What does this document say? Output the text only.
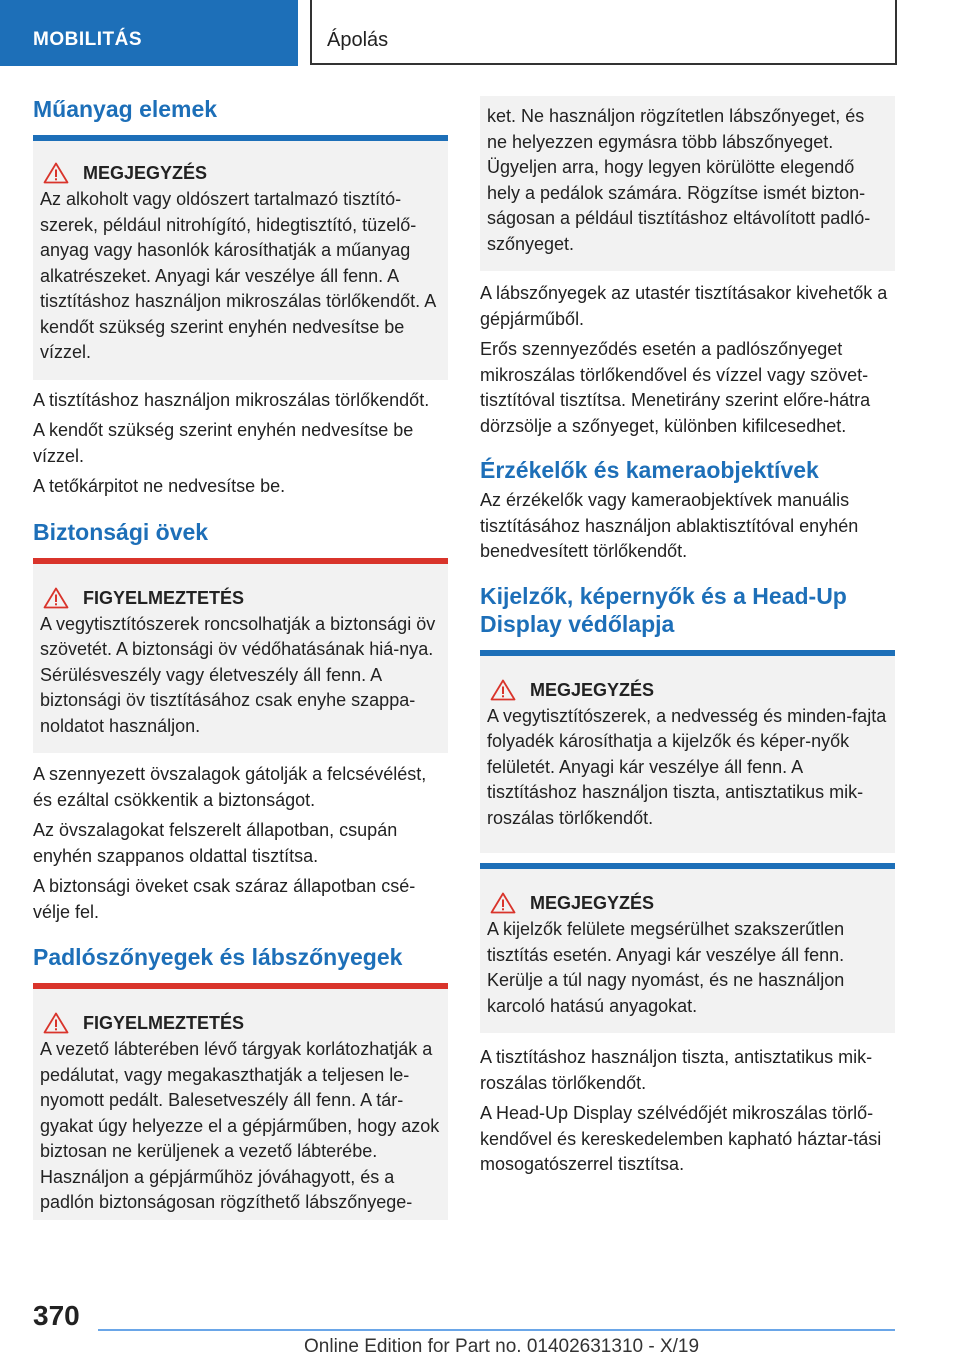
MOBILITÁS	Ápolás
Műanyag elemek
MEGJEGYZÉS

Az alkoholt vagy oldószert tartalmazó tisztító-szerek, például nitrohígító, hidegtisztító, tüzelő-anyag vagy hasonlók károsíthatják a műanyag alkatrészeket. Anyagi kár veszélye áll fenn. A tisztításhoz használjon mikroszálas törlőkendőt. A kendőt szükség szerint enyhén nedvesítse be vízzel.

A tisztításhoz használjon mikroszálas törlőkendőt.

A kendőt szükség szerint enyhén nedvesítse be vízzel.

A tetőkárpitot ne nedvesítse be.

Biztonsági övek
FIGYELMEZTETÉS

A vegytisztítószerek roncsolhatják a biztonsági öv szövetét. A biztonsági öv védőhatásának hiá-nya. Sérülésveszély vagy életveszély áll fenn. A biztonsági öv tisztításához csak enyhe szappa-noldatot használjon.

A szennyezett övszalagok gátolják a felcsévélést, és ezáltal csökkentik a biztonságot.

Az övszalagokat felszerelt állapotban, csupán enyhén szappanos oldattal tisztítsa.

A biztonsági öveket csak száraz állapotban csé-vélje fel.

Padlószőnyegek és lábszőnyegek
FIGYELMEZTETÉS

A vezető lábterében lévő tárgyak korlátozhatják a pedálutat, vagy megakaszthatják a teljesen le-nyomott pedált. Balesetveszély áll fenn. A tár-gyakat úgy helyezze el a gépjárműben, hogy azok biztosan ne kerüljenek a vezető lábterébe. Használjon a gépjárműhöz jóváhagyott, és a padlón biztonságosan rögzíthető lábszőnyege-

ket. Ne használjon rögzítetlen lábszőnyeget, és ne helyezzen egymásra több lábszőnyeget. Ügyeljen arra, hogy legyen körülötte elegendő hely a pedálok számára. Rögzítse ismét bizton-ságosan a például tisztításhoz eltávolított padló-szőnyeget.

A lábszőnyegek az utastér tisztításakor kivehetők a gépjárműből.

Erős szennyeződés esetén a padlószőnyeget mikroszálas törlőkendővel és vízzel vagy szövet-tisztítóval tisztítsa. Menetirány szerint előre-hátra dörzsölje a szőnyeget, különben kifilcesedhet.

Érzékelők és kameraobjektívek

Az érzékelők vagy kameraobjektívek manuális tisztításához használjon ablaktisztítóval enyhén benedvesített törlőkendőt.

Kijelzők, képernyők és a Head-Up Display védőlapja
MEGJEGYZÉS

A vegytisztítószerek, a nedvesség és minden-fajta folyadék károsíthatja a kijelzők és képer-nyők felületét. Anyagi kár veszélye áll fenn. A tisztításhoz használjon tiszta, antisztatikus mik-roszálas törlőkendőt.

MEGJEGYZÉS

A kijelzők felülete megsérülhet szakszerűtlen tisztítás esetén. Anyagi kár veszélye áll fenn. Kerülje a túl nagy nyomást, és ne használjon karcoló hatású anyagokat.

A tisztításhoz használjon tiszta, antisztatikus mik-roszálas törlőkendőt.

A Head-Up Display szélvédőjét mikroszálas törlő-kendővel és kereskedelemben kapható háztar-tási mosogatószerrel tisztítsa.

370
Online Edition for Part no. 01402631310 - X/19
